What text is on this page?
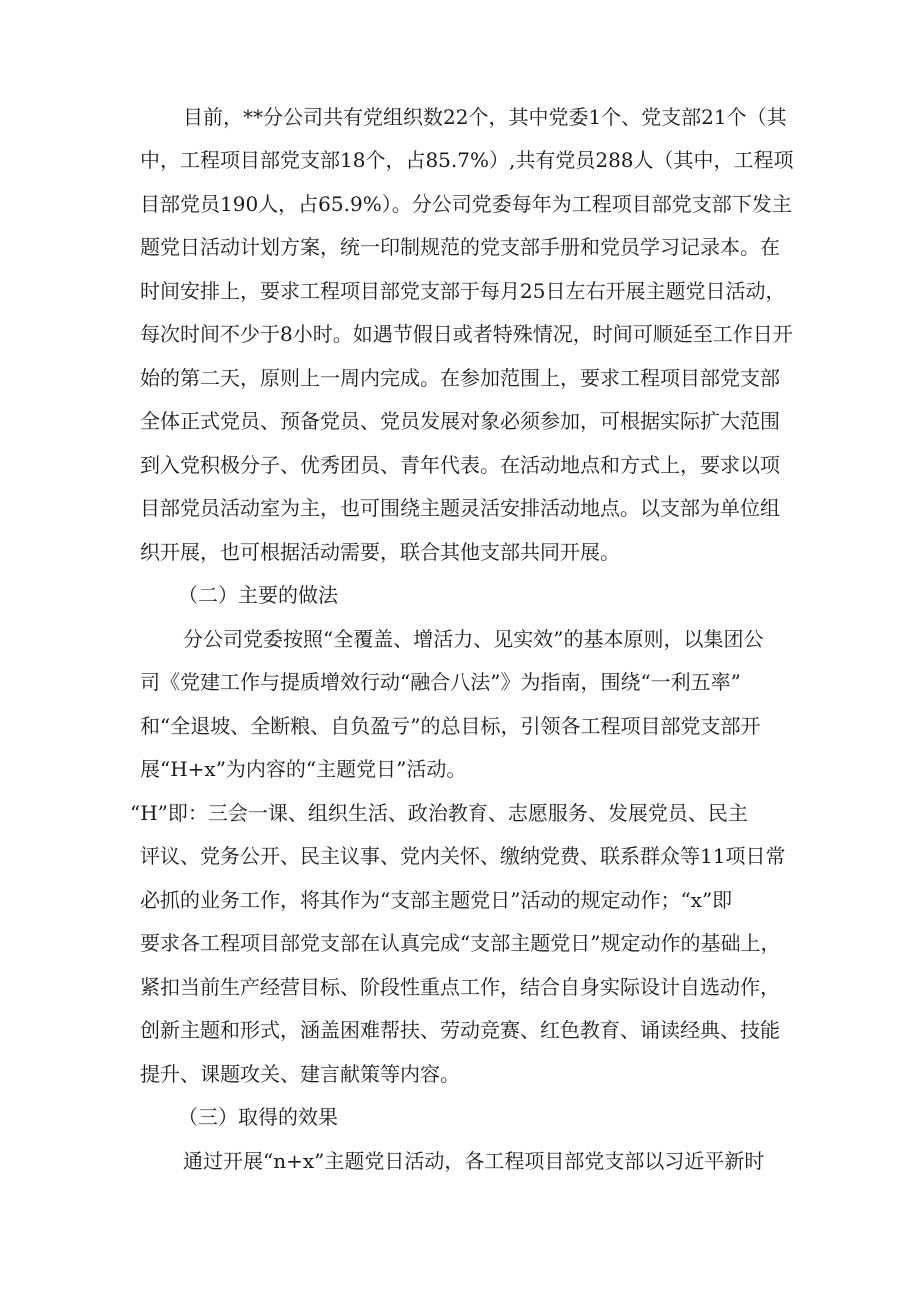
目前，**分公司共有党组织数22个，其中党委1个、党支部21个（其
中，工程项目部党支部18个，占85.7%）,共有党员288人（其中，工程项
目部党员190人，占65.9%）。分公司党委每年为工程项目部党支部下发主
题党日活动计划方案，统一印制规范的党支部手册和党员学习记录本。在
时间安排上，要求工程项目部党支部于每月25日左右开展主题党日活动，
每次时间不少于8小时。如遇节假日或者特殊情况，时间可顺延至工作日开
始的第二天，原则上一周内完成。在参加范围上，要求工程项目部党支部
全体正式党员、预备党员、党员发展对象必须参加，可根据实际扩大范围
到入党积极分子、优秀团员、青年代表。在活动地点和方式上，要求以项
目部党员活动室为主，也可围绕主题灵活安排活动地点。以支部为单位组
织开展，也可根据活动需要，联合其他支部共同开展。
（二）主要的做法
分公司党委按照“全覆盖、增活力、见实效”的基本原则，以集团公
司《党建工作与提质增效行动“融合八法”》为指南，围绕“一利五率”
和“全退坡、全断粮、自负盈亏”的总目标，引领各工程项目部党支部开
展“H+x”为内容的“主题党日”活动。
“H”即：三会一课、组织生活、政治教育、志愿服务、发展党员、民主
评议、党务公开、民主议事、党内关怀、缴纳党费、联系群众等11项日常
必抓的业务工作，将其作为“支部主题党日”活动的规定动作；“x”即
要求各工程项目部党支部在认真完成“支部主题党日”规定动作的基础上，
紧扣当前生产经营目标、阶段性重点工作，结合自身实际设计自选动作，
创新主题和形式，涵盖困难帮扶、劳动竞赛、红色教育、诵读经典、技能
提升、课题攻关、建言献策等内容。
（三）取得的效果
通过开展“n+x”主题党日活动，各工程项目部党支部以习近平新时
